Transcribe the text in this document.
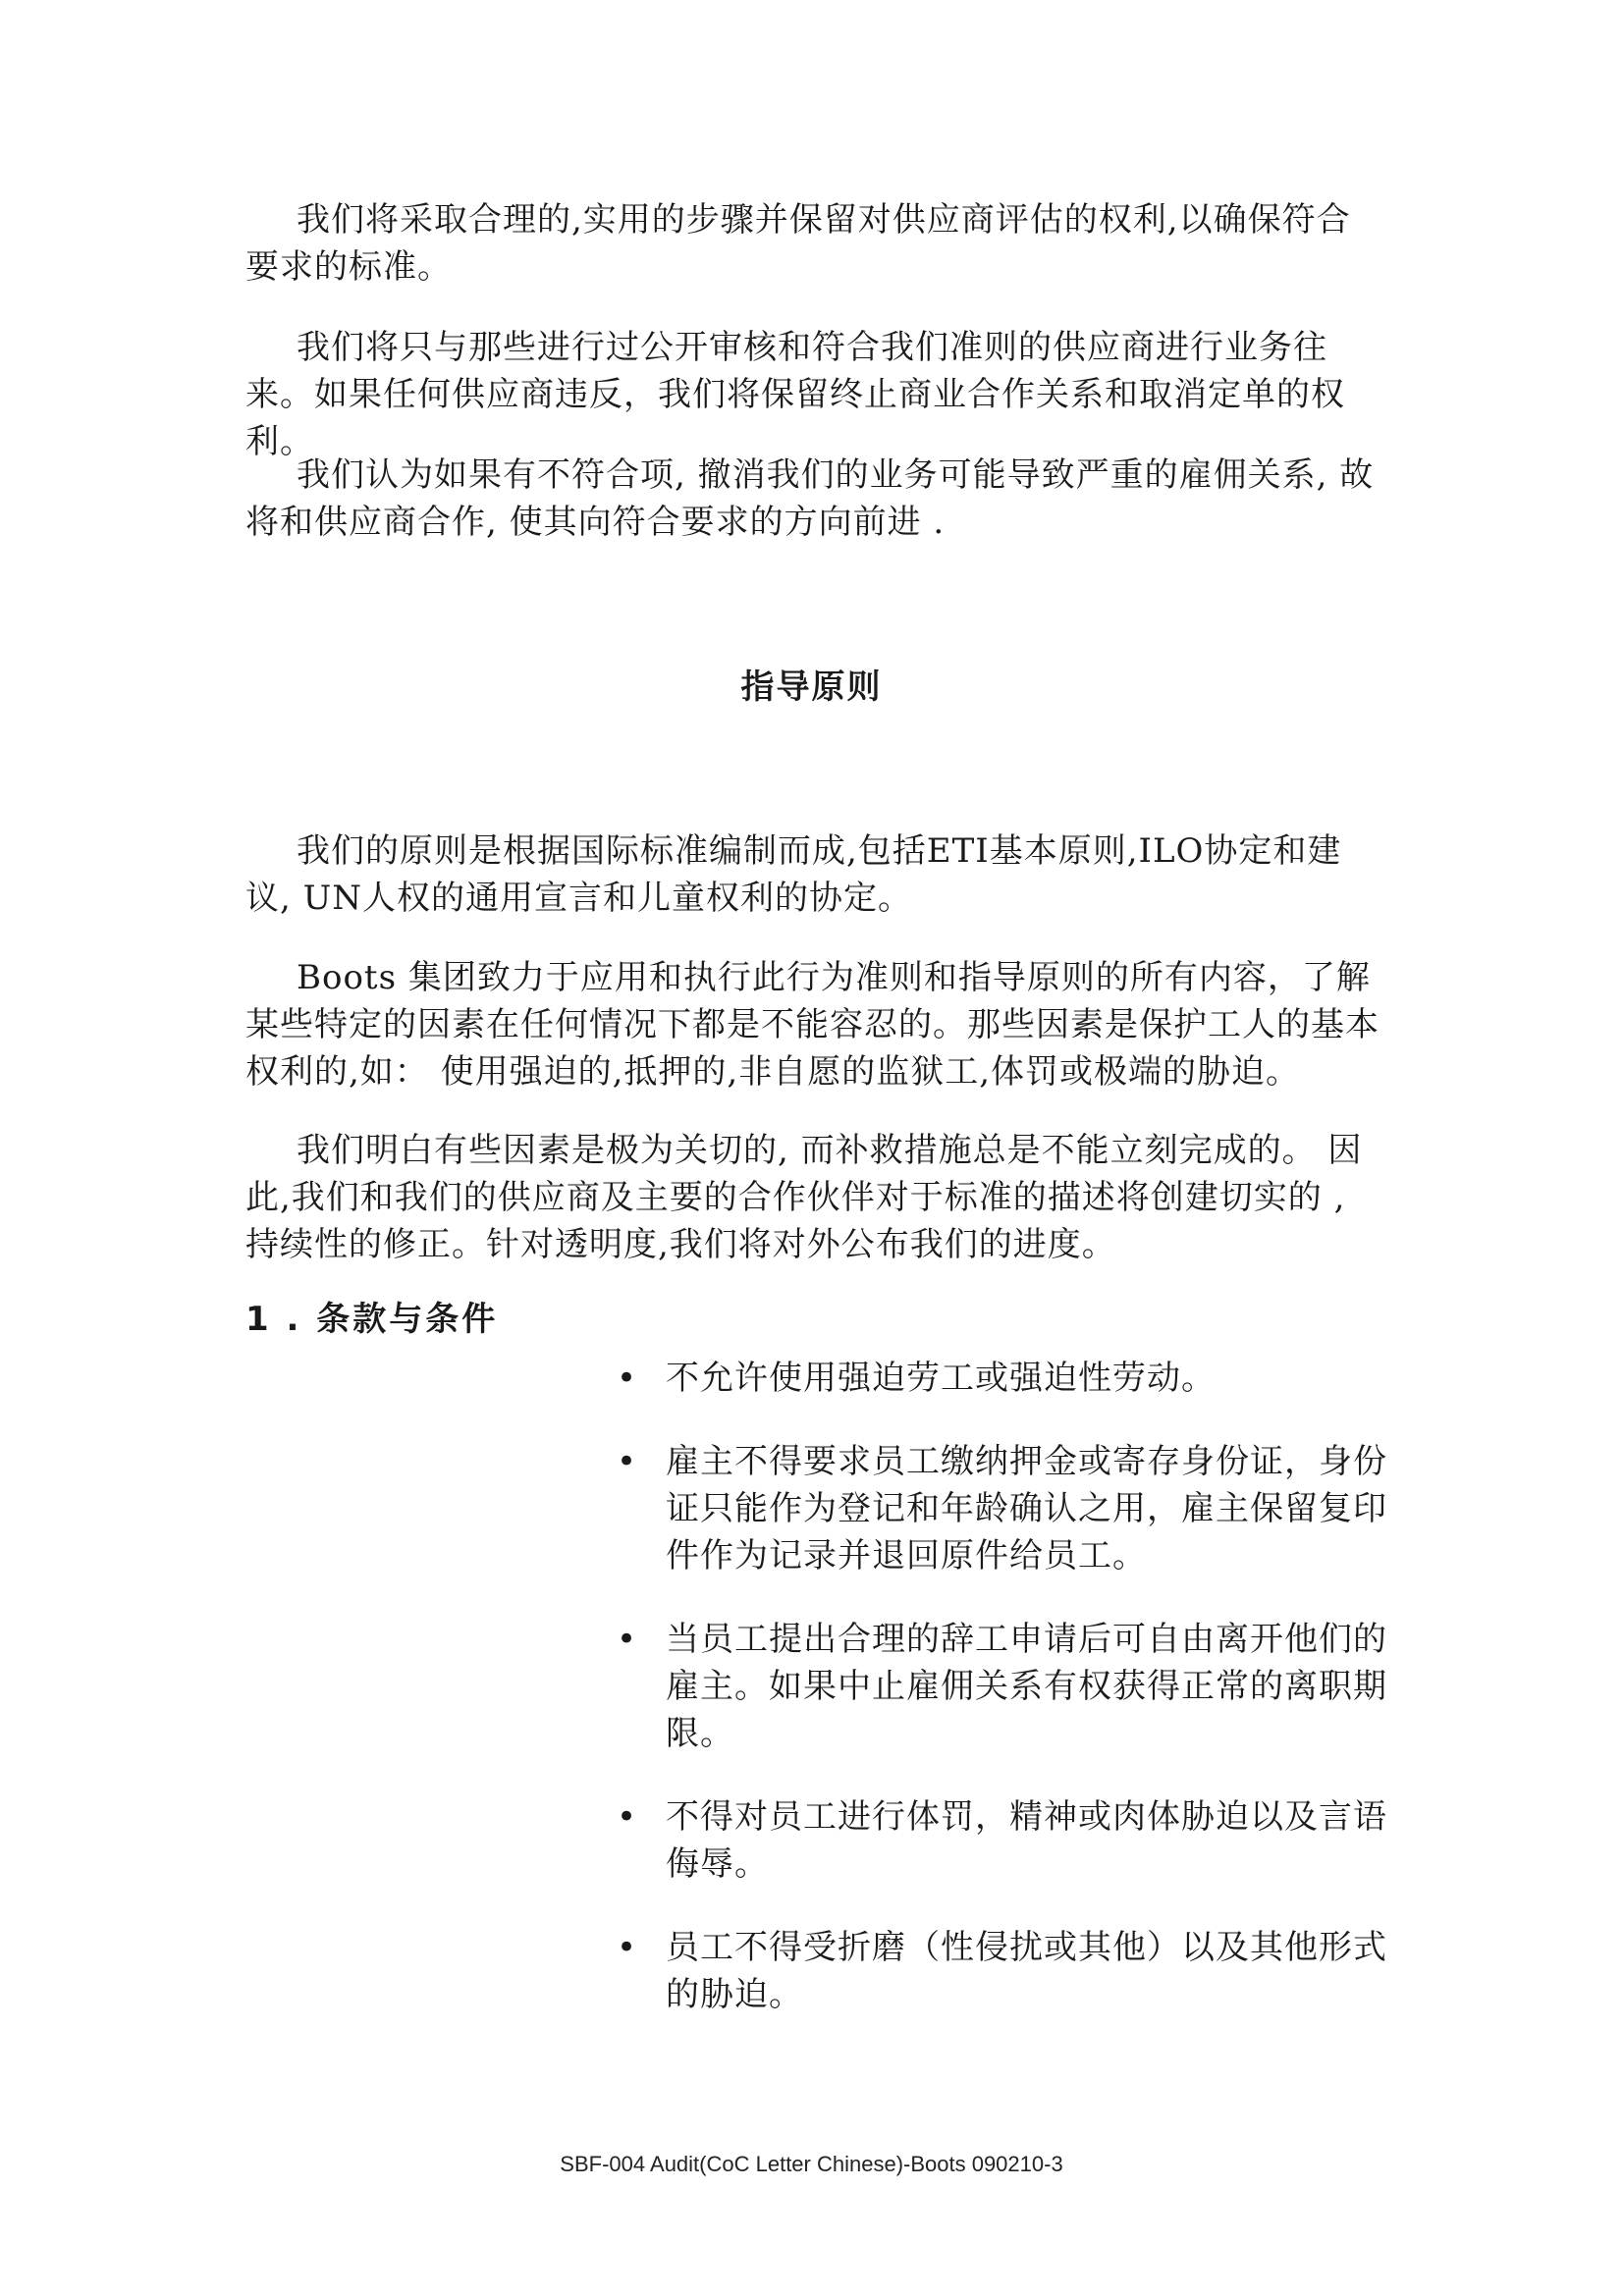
我们将采取合理的,实用的步骤并保留对供应商评估的权利,以确保符合要求的标准。

我们将只与那些进行过公开审核和符合我们准则的供应商进行业务往来。如果任何供应商违反，我们将保留终止商业合作关系和取消定单的权利。

我们认为如果有不符合项, 撤消我们的业务可能导致严重的雇佣关系, 故将和供应商合作, 使其向符合要求的方向前进 .

指导原则

我们的原则是根据国际标准编制而成,包括ETI基本原则,ILO协定和建议, UN人权的通用宣言和儿童权利的协定。

Boots 集团致力于应用和执行此行为准则和指导原则的所有内容，了解某些特定的因素在任何情况下都是不能容忍的。那些因素是保护工人的基本权利的,如： 使用强迫的,抵押的,非自愿的监狱工,体罚或极端的胁迫。

我们明白有些因素是极为关切的, 而补救措施总是不能立刻完成的。 因此,我们和我们的供应商及主要的合作伙伴对于标准的描述将创建切实的 , 持续性的修正。针对透明度,我们将对外公布我们的进度。

1 . 条款与条件
• 不允许使用强迫劳工或强迫性劳动。
• 雇主不得要求员工缴纳押金或寄存身份证，身份证只能作为登记和年龄确认之用，雇主保留复印件作为记录并退回原件给员工。
• 当员工提出合理的辞工申请后可自由离开他们的雇主。如果中止雇佣关系有权获得正常的离职期限。
• 不得对员工进行体罚，精神或肉体胁迫以及言语侮辱。
• 员工不得受折磨（性侵扰或其他）以及其他形式的胁迫。
SBF-004 Audit(CoC Letter Chinese)-Boots 090210-3
